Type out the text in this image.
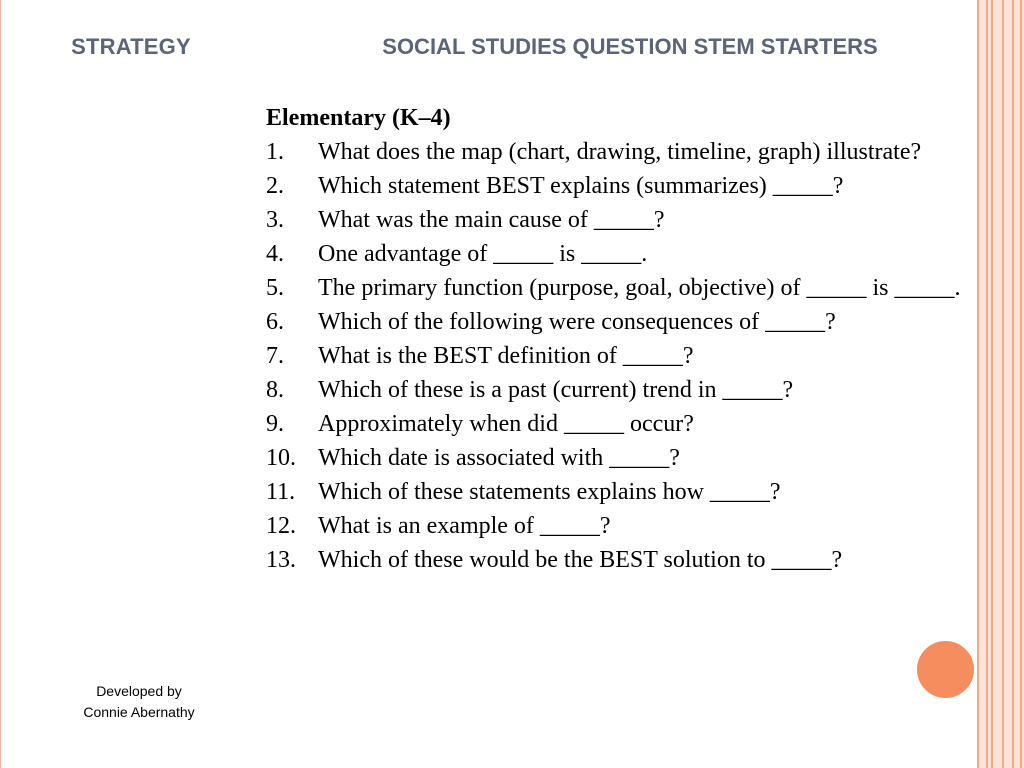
STRATEGY	SOCIAL STUDIES QUESTION STEM STARTERS
Elementary (K–4)
1.	What does the map (chart, drawing, timeline, graph) illustrate?
2.	Which statement BEST explains (summarizes) _____?
3.	What was the main cause of _____?
4.	One advantage of _____ is _____.
5.	The primary function (purpose, goal, objective) of _____ is _____.
6.	Which of the following were consequences of _____?
7.	What is the BEST definition of _____?
8.	Which of these is a past (current) trend in _____?
9.	Approximately when did _____ occur?
10. Which date is associated with _____?
11. Which of these statements explains how _____?
12. What is an example of _____?
13. Which of these would be the BEST solution to _____?
Developed by
Connie Abernathy
